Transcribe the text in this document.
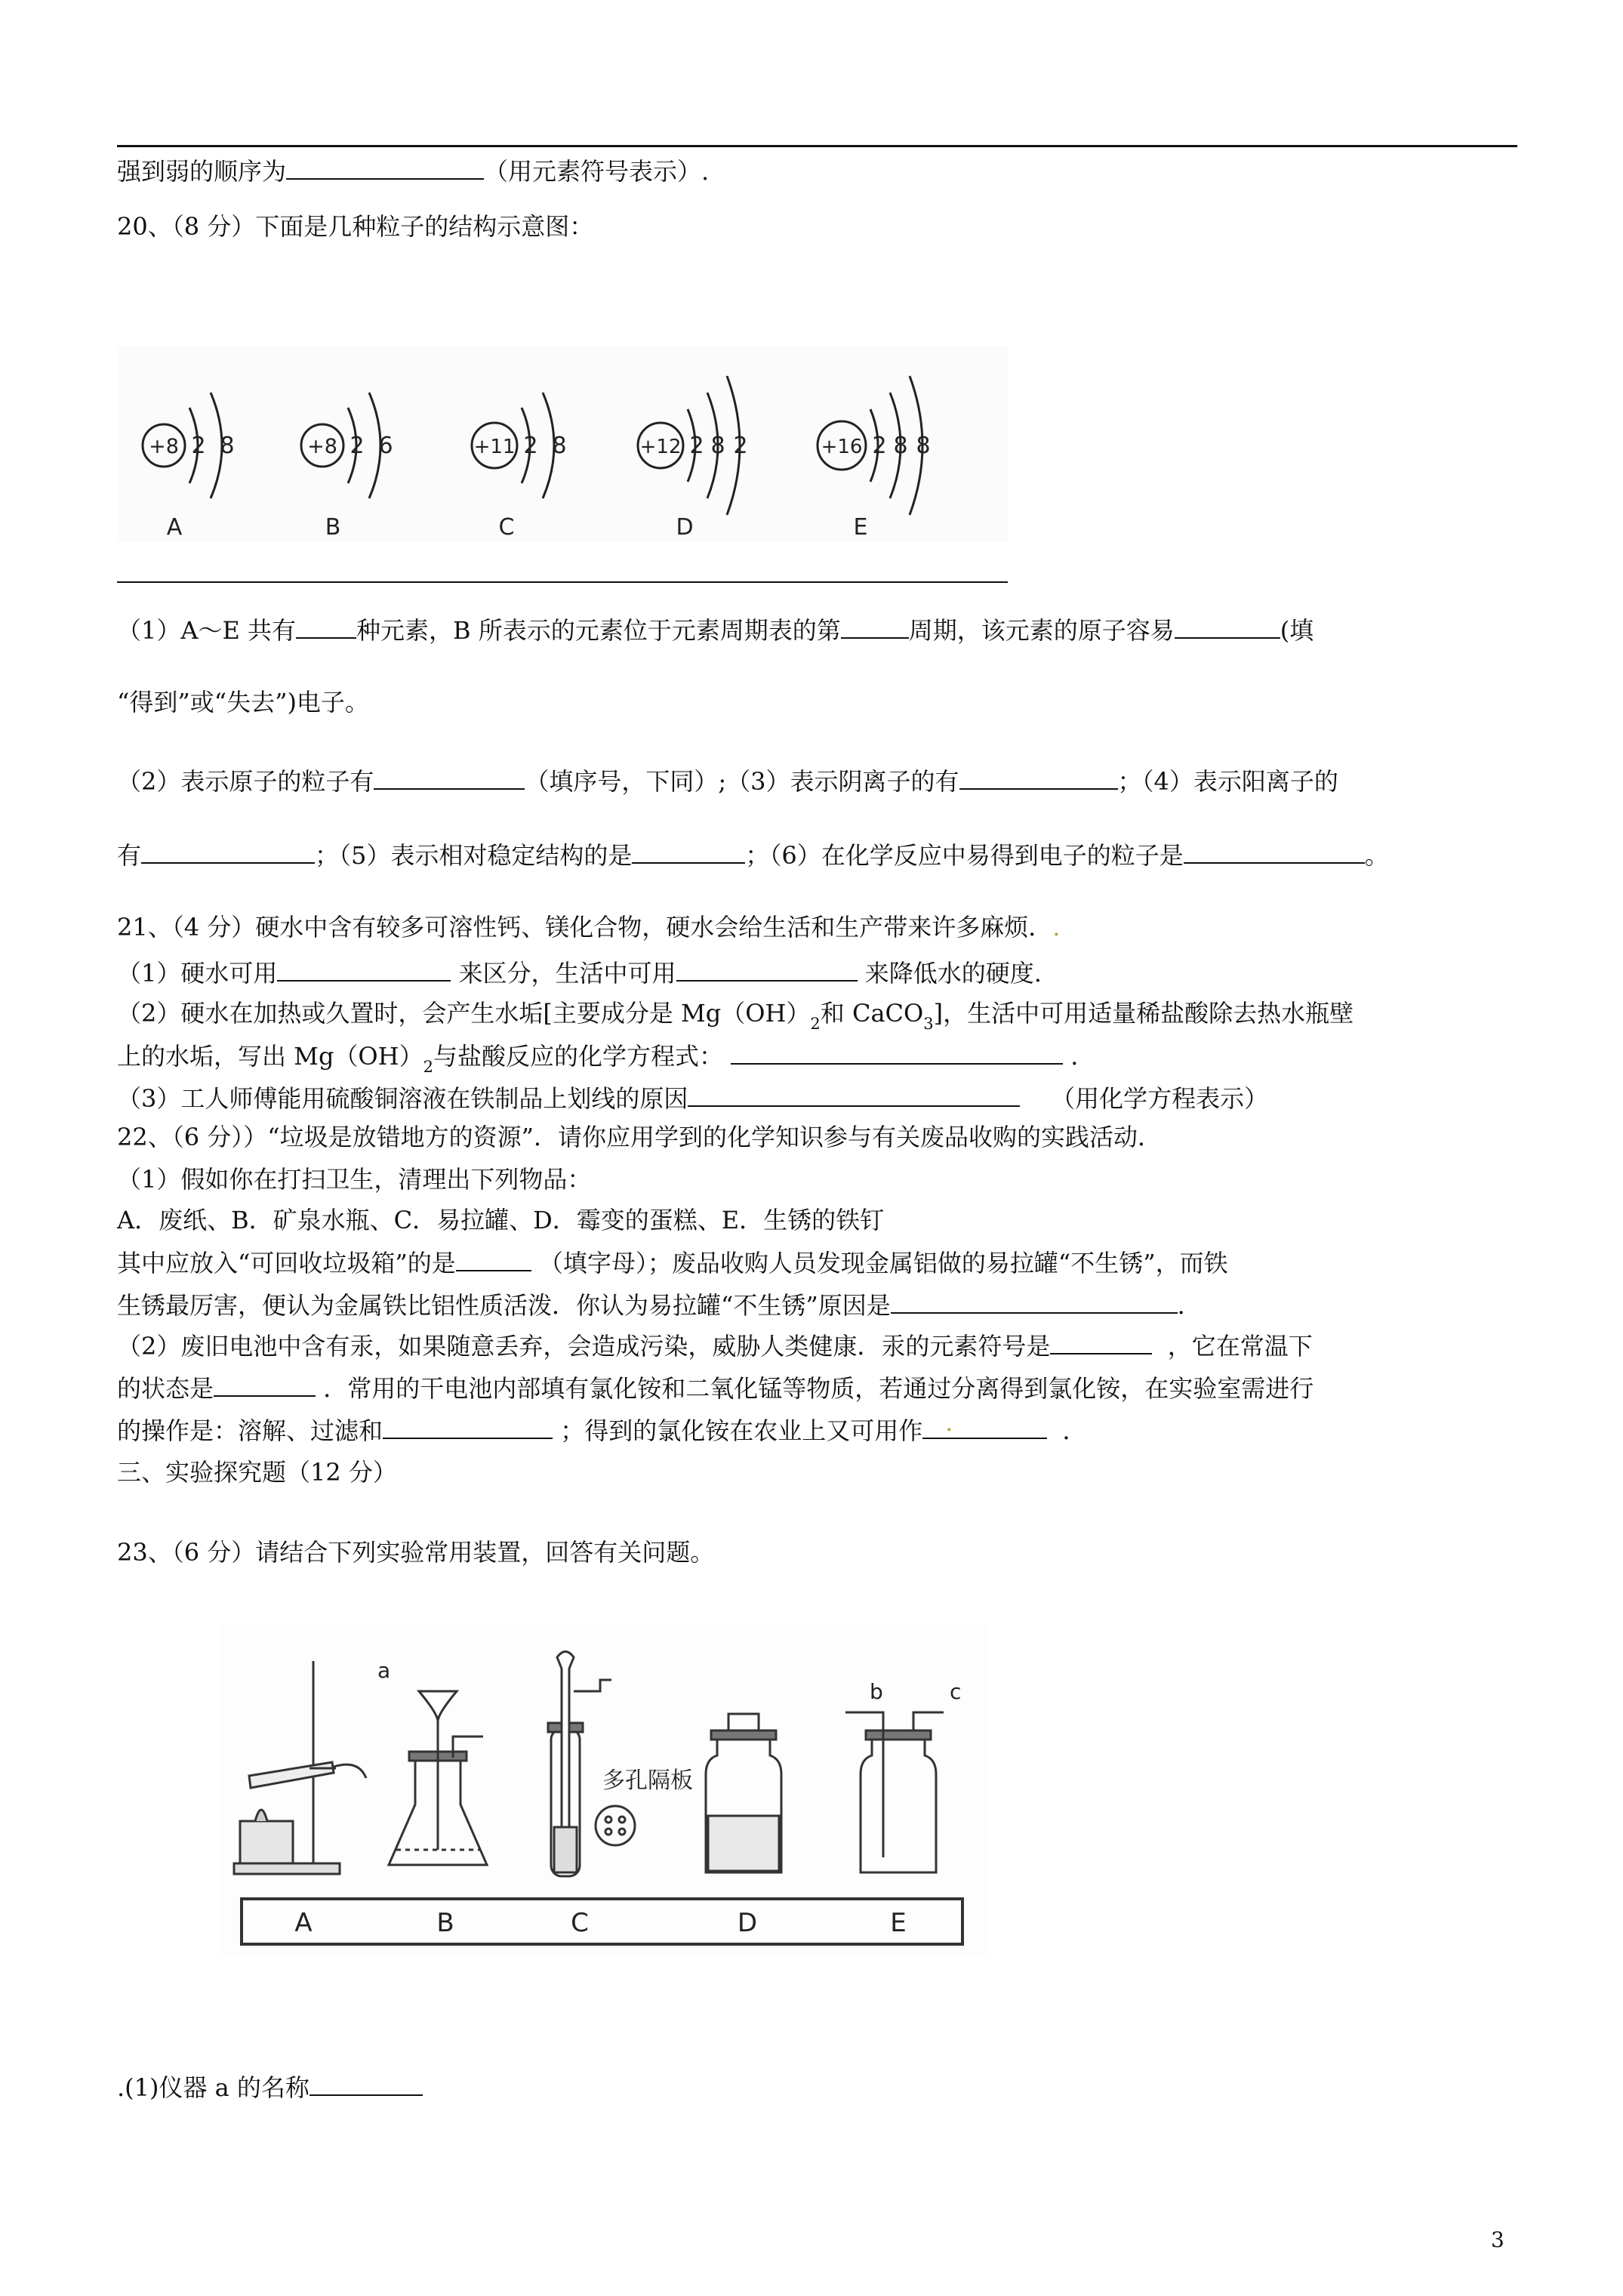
强到弱的顺序为	（用元素符号表示）.
20、（8 分）下面是几种粒子的结构示意图：
+8 2 8
A
+8 2 6
B
+11 2 8
C
+12 2 8 2
D
+16 2 8 8
E
（1）A～E 共有	种元素，B 所表示的元素位于元素周期表的第	周期，该元素的原子容易	(填
“得到”或“失去”)电子。
（2）表示原子的粒子有	（填序号，下同）;（3）表示阴离子的有	；（4）表示阳离子的
有	；（5）表示相对稳定结构的是	；（6）在化学反应中易得到电子的粒子是	。
21、（4 分）硬水中含有较多可溶性钙、镁化合物，硬水会给生活和生产带来许多麻烦．.
（1）硬水可用	来区分，生活中可用	来降低水的硬度.
（2）硬水在加热或久置时，会产生水垢[主要成分是 $Mg(OH)_2$和 CaCO$_3$]，生活中可用适量稀盐酸除去热水瓶壁
上的水垢，写出 $Mg(OH)_2$与盐酸反应的化学方程式：	．
（3）工人师傅能用硫酸铜溶液在铁制品上划线的原因	（用化学方程表示）
22、（6 分））“垃圾是放错地方的资源”．请你应用学到的化学知识参与有关废品收购的实践活动．
（1）假如你在打扫卫生，清理出下列物品：
A．废纸、B．矿泉水瓶、C．易拉罐、D．霉变的蛋糕、E．生锈的铁钉
其中应放入“可回收垃圾箱”的是	（填字母）；废品收购人员发现金属铝做的易拉罐“不生锈”，而铁
生锈最厉害，便认为金属铁比铝性质活泼．你认为易拉罐“不生锈”原因是	．
（2）废旧电池中含有汞，如果随意丢弃，会造成污染，威胁人类健康．汞的元素符号是	，它在常温下
的状态是	．常用的干电池内部填有氯化铵和二氧化锰等物质，若通过分离得到氯化铵，在实验室需进行
的操作是：溶解、过滤和	；得到的氯化铵在农业上又可用作 .	．
三、实验探究题（12 分）
23、（6 分）请结合下列实验常用装置，回答有关问题。
A	B	C	D	E
a
b	c
多孔隔板
.(1)仪器 a 的名称
3
